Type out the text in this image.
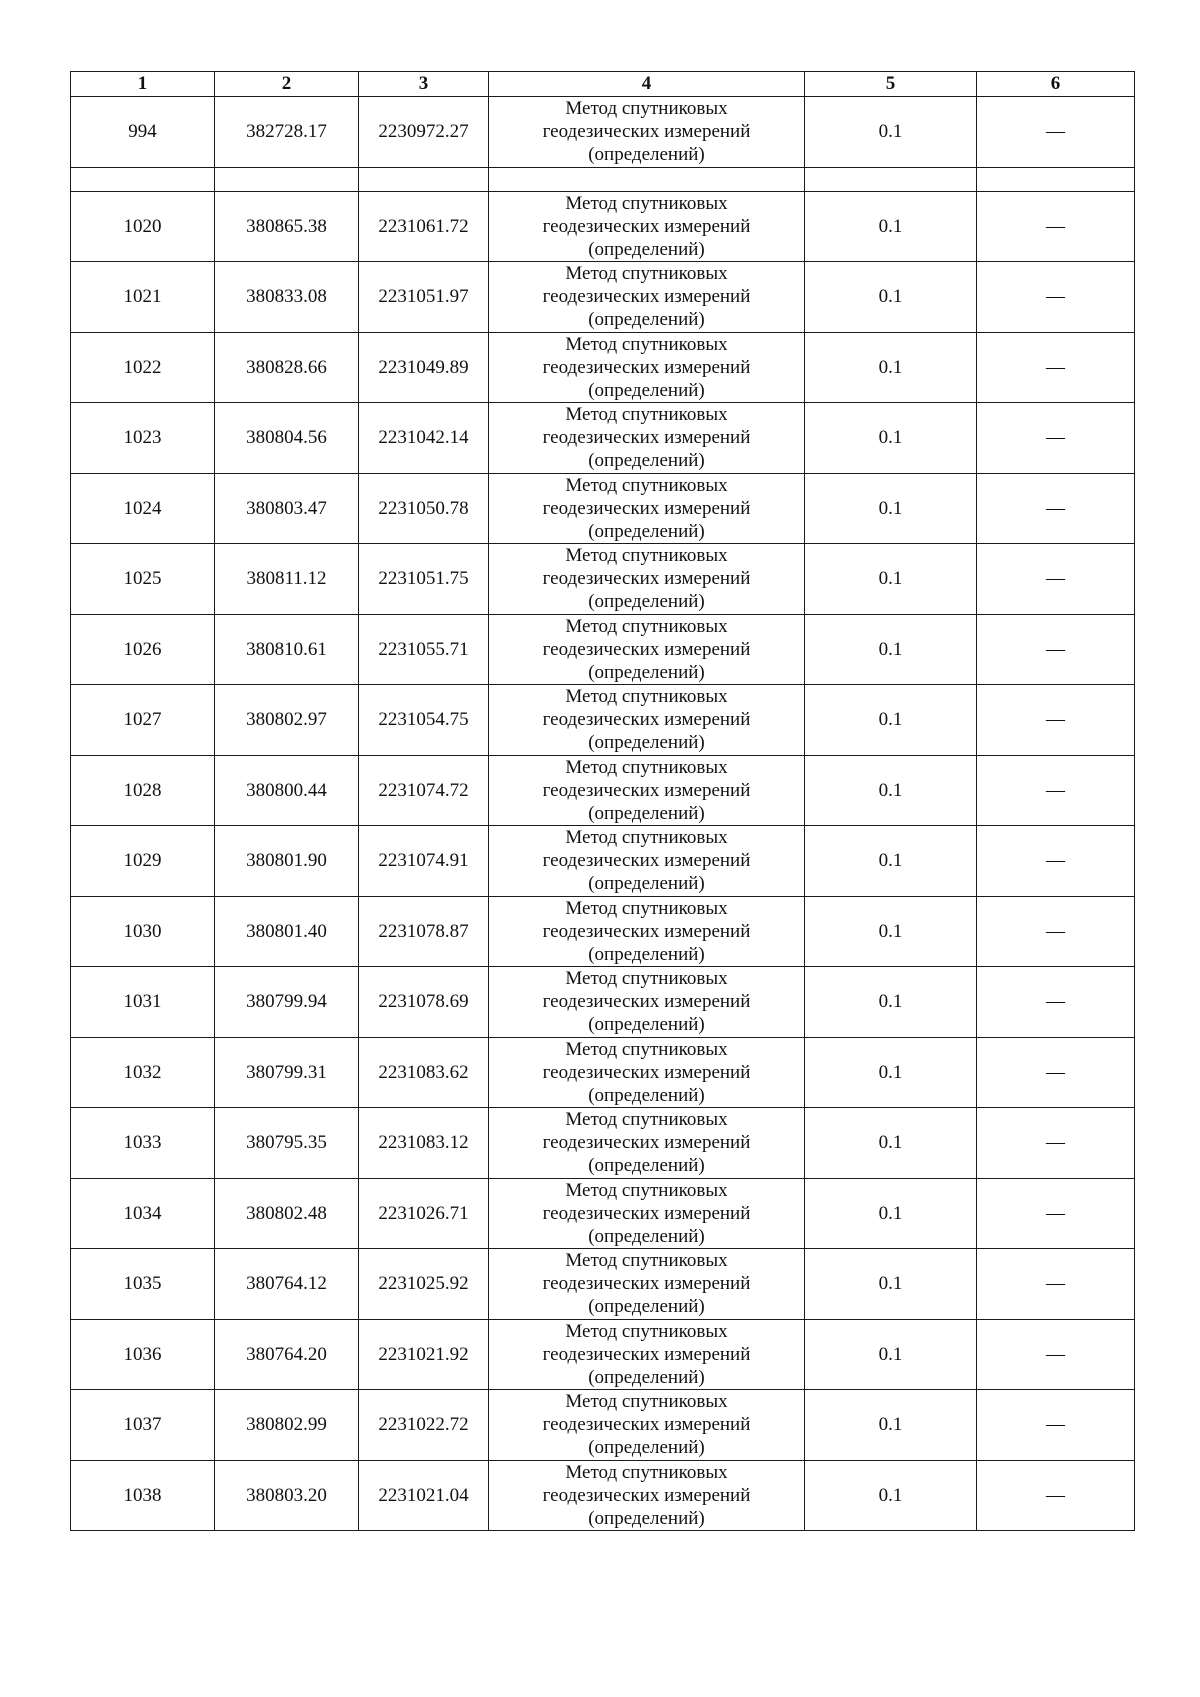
1	2	3	4	5	6
994	382728.17	2230972.27	Метод спутниковых
геодезических измерений
(определений)	0.1	—

1020	380865.38	2231061.72	Метод спутниковых
геодезических измерений
(определений)	0.1	—
1021	380833.08	2231051.97	Метод спутниковых
геодезических измерений
(определений)	0.1	—
1022	380828.66	2231049.89	Метод спутниковых
геодезических измерений
(определений)	0.1	—
1023	380804.56	2231042.14	Метод спутниковых
геодезических измерений
(определений)	0.1	—
1024	380803.47	2231050.78	Метод спутниковых
геодезических измерений
(определений)	0.1	—
1025	380811.12	2231051.75	Метод спутниковых
геодезических измерений
(определений)	0.1	—
1026	380810.61	2231055.71	Метод спутниковых
геодезических измерений
(определений)	0.1	—
1027	380802.97	2231054.75	Метод спутниковых
геодезических измерений
(определений)	0.1	—
1028	380800.44	2231074.72	Метод спутниковых
геодезических измерений
(определений)	0.1	—
1029	380801.90	2231074.91	Метод спутниковых
геодезических измерений
(определений)	0.1	—
1030	380801.40	2231078.87	Метод спутниковых
геодезических измерений
(определений)	0.1	—
1031	380799.94	2231078.69	Метод спутниковых
геодезических измерений
(определений)	0.1	—
1032	380799.31	2231083.62	Метод спутниковых
геодезических измерений
(определений)	0.1	—
1033	380795.35	2231083.12	Метод спутниковых
геодезических измерений
(определений)	0.1	—
1034	380802.48	2231026.71	Метод спутниковых
геодезических измерений
(определений)	0.1	—
1035	380764.12	2231025.92	Метод спутниковых
геодезических измерений
(определений)	0.1	—
1036	380764.20	2231021.92	Метод спутниковых
геодезических измерений
(определений)	0.1	—
1037	380802.99	2231022.72	Метод спутниковых
геодезических измерений
(определений)	0.1	—
1038	380803.20	2231021.04	Метод спутниковых
геодезических измерений
(определений)	0.1	—
